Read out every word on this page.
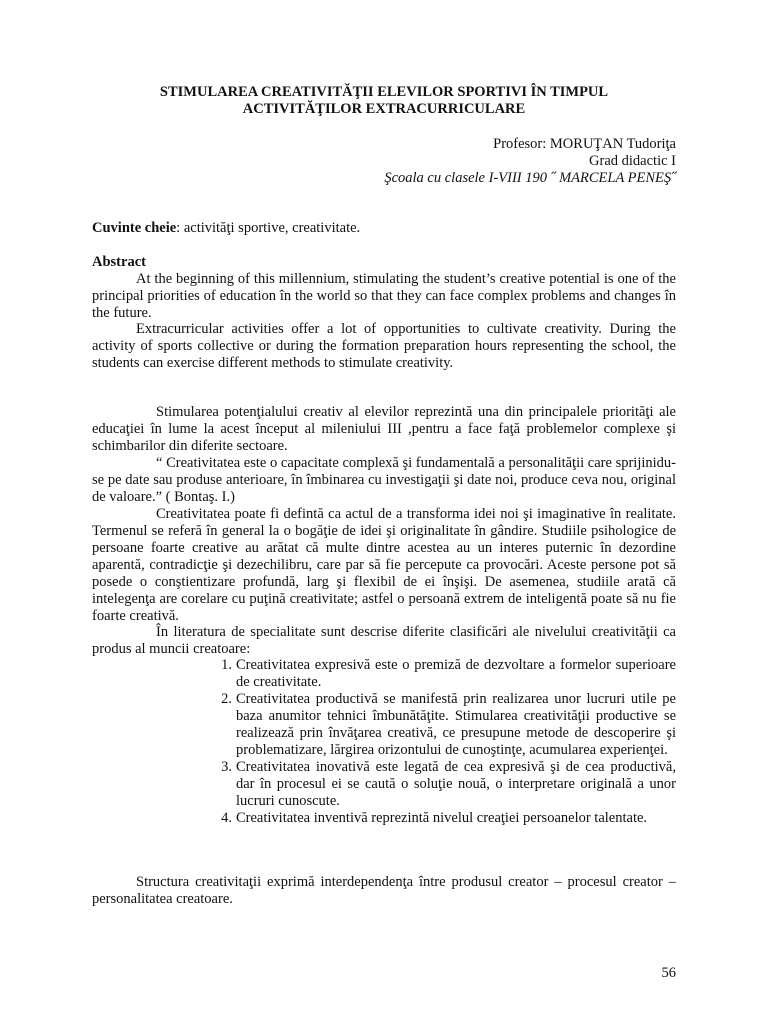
STIMULAREA CREATIVITĂŢII ELEVILOR SPORTIVI ÎN TIMPUL
ACTIVITĂŢILOR EXTRACURRICULARE
Profesor: MORUŢAN Tudoriţa
Grad didactic I
Şcoala cu clasele I-VIII 190 ˝ MARCELA PENEŞ˝
Cuvinte cheie: activităţi sportive, creativitate.
Abstract
At the beginning of this millennium, stimulating the student’s creative potential is one of the principal priorities of education în the world so that they can face complex problems and changes în the future.
Extracurricular activities offer a lot of opportunities to cultivate creativity. During the activity of sports collective or during the formation preparation hours representing the school, the students can exercise different methods to stimulate creativity.
Stimularea potenţialului creativ al elevilor reprezintă una din principalele priorităţi ale educaţiei în lume la acest început al mileniului III ,pentru a face faţă problemelor complexe şi schimbarilor din diferite sectoare.
“ Creativitatea este o capacitate complexă şi fundamentală a personalităţii care sprijinidu-se pe date sau produse anterioare, în îmbinarea cu investigaţii şi date noi, produce ceva nou, original de valoare.” ( Bontaş. I.)
Creativitatea poate fi defintă ca actul de a transforma idei noi şi imaginative în realitate. Termenul se referă în general la o bogăţie de idei şi originalitate în gândire. Studiile psihologice de persoane foarte creative au arătat că multe dintre acestea au un interes puternic în dezordine aparentă, contradicţie şi dezechilibru, care par să fie percepute ca provocări. Aceste persone pot să posede o conştientizare profundă, larg şi flexibil de ei înşişi. De asemenea, studiile arată că intelegenţa are corelare cu puţină creativitate; astfel o persoană extrem de inteligentă poate să nu fie foarte creativă.
În literatura de specialitate sunt descrise diferite clasificări ale nivelului creativităţii ca produs al muncii creatoare:
1. Creativitatea expresivă este o premiză de dezvoltare a formelor superioare de creativitate.
2. Creativitatea productivă se manifestă prin realizarea unor lucruri utile pe baza anumitor tehnici îmbunătăţite. Stimularea creativităţii productive se realizează prin învăţarea creativă, ce presupune metode de descoperire şi problematizare, lărgirea orizontului de cunoştinţe, acumularea experienţei.
3. Creativitatea inovativă este legată de cea expresivă şi de cea productivă, dar în procesul ei se caută o soluţie nouă, o interpretare originală a unor lucruri cunoscute.
4. Creativitatea inventivă reprezintă nivelul creaţiei persoanelor talentate.
Structura creativitaţii exprimă interdependenţa între produsul creator – procesul creator – personalitatea creatoare.
56
